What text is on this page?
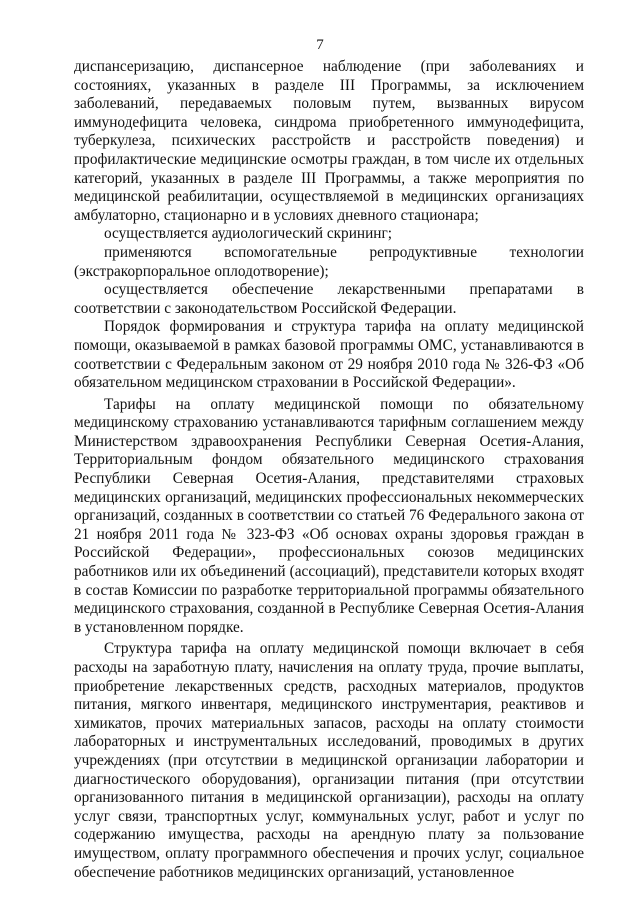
7

диспансеризацию, диспансерное наблюдение (при заболеваниях и состояниях, указанных в разделе III Программы, за исключением заболеваний, передаваемых половым путем, вызванных вирусом иммунодефицита человека, синдрома приобретенного иммунодефицита, туберкулеза, психических расстройств и расстройств поведения) и профилактические медицинские осмотры граждан, в том числе их отдельных категорий, указанных в разделе III Программы, а также мероприятия по медицинской реабилитации, осуществляемой в медицинских организациях амбулаторно, стационарно и в условиях дневного стационара;

осуществляется аудиологический скрининг;

применяются вспомогательные репродуктивные технологии (экстракорпоральное оплодотворение);

осуществляется обеспечение лекарственными препаратами в соответствии с законодательством Российской Федерации.

Порядок формирования и структура тарифа на оплату медицинской помощи, оказываемой в рамках базовой программы ОМС, устанавливаются в соответствии с Федеральным законом от 29 ноября 2010 года № 326-ФЗ «Об обязательном медицинском страховании в Российской Федерации».

Тарифы на оплату медицинской помощи по обязательному медицинскому страхованию устанавливаются тарифным соглашением между Министерством здравоохранения Республики Северная Осетия-Алания, Территориальным фондом обязательного медицинского страхования Республики Северная Осетия-Алания, представителями страховых медицинских организаций, медицинских профессиональных некоммерческих организаций, созданных в соответствии со статьей 76 Федерального закона от 21 ноября 2011 года № 323-ФЗ «Об основах охраны здоровья граждан в Российской Федерации», профессиональных союзов медицинских работников или их объединений (ассоциаций), представители которых входят в состав Комиссии по разработке территориальной программы обязательного медицинского страхования, созданной в Республике Северная Осетия-Алания в установленном порядке.

Структура тарифа на оплату медицинской помощи включает в себя расходы на заработную плату, начисления на оплату труда, прочие выплаты, приобретение лекарственных средств, расходных материалов, продуктов питания, мягкого инвентаря, медицинского инструментария, реактивов и химикатов, прочих материальных запасов, расходы на оплату стоимости лабораторных и инструментальных исследований, проводимых в других учреждениях (при отсутствии в медицинской организации лаборатории и диагностического оборудования), организации питания (при отсутствии организованного питания в медицинской организации), расходы на оплату услуг связи, транспортных услуг, коммунальных услуг, работ и услуг по содержанию имущества, расходы на арендную плату за пользование имуществом, оплату программного обеспечения и прочих услуг, социальное обеспечение работников медицинских организаций, установленное
